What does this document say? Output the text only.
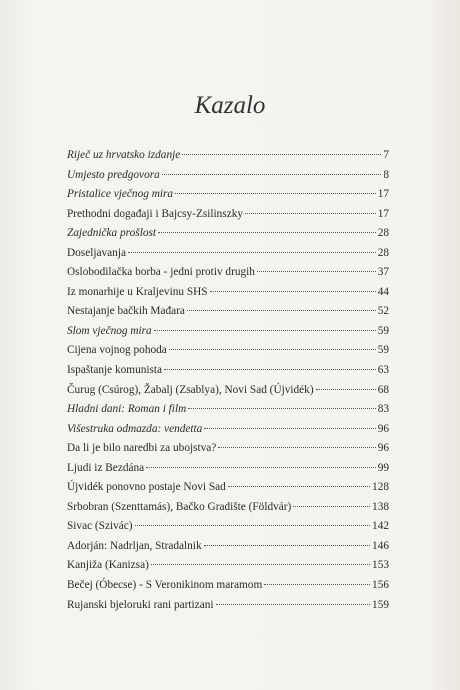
Kazalo
Riječ uz hrvatsko izdanje	7
Umjesto predgovora	8
Pristalice vječnog mira	17
Prethodni događaji i Bajcsy-Zsilinszky	17
Zajednička prošlost	28
Doseljavanja	28
Oslobodilačka borba - jedni protiv drugih	37
Iz monarhije u Kraljevinu SHS	44
Nestajanje bačkih Mađara	52
Slom vječnog mira	59
Cijena vojnog pohoda	59
Ispaštanje komunista	63
Čurug (Csúrog), Žabalj (Zsablya), Novi Sad (Újvidék)	68
Hladni dani: Roman i film	83
Višestruka odmazda: vendetta	96
Da li je bilo naredbi za ubojstva?	96
Ljudi iz Bezdána	99
Újvidék ponovno postaje Novi Sad	128
Srbobran (Szenttamás), Bačko Gradište (Földvár)	138
Sivac (Szivác)	142
Adorján: Nadrljan, Stradalnik	146
Kanjiža (Kanizsa)	153
Bečej (Óbecse) - S Veronikinom maramom	156
Rujanski bjeloruki rani partizani	159
